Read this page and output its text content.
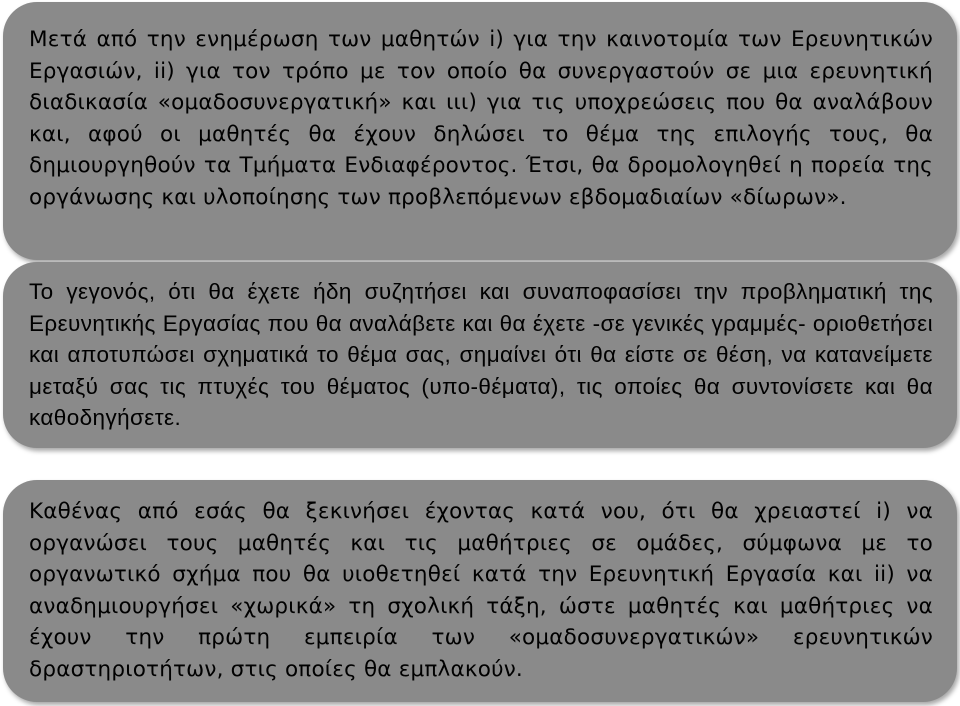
Μετά από την ενημέρωση των μαθητών i) για την καινοτομία των Ερευνητικών Εργασιών, ii) για τον τρόπο με τον οποίο θα συνεργαστούν σε μια ερευνητική διαδικασία «ομαδοσυνεργατική» και ιιι) για τις υποχρεώσεις που θα αναλάβουν και, αφού οι μαθητές θα έχουν δηλώσει το θέμα της επιλογής τους, θα δημιουργηθούν τα Τμήματα Ενδιαφέροντος. Έτσι, θα δρομολογηθεί η πορεία της οργάνωσης και υλοποίησης των προβλεπόμενων εβδομαδιαίων «δίωρων».

Το γεγονός, ότι θα έχετε ήδη συζητήσει και συναποφασίσει την προβληματική της Ερευνητικής Εργασίας που θα αναλάβετε και θα έχετε -σε γενικές γραμμές- οριοθετήσει και αποτυπώσει σχηματικά το θέμα σας, σημαίνει ότι θα είστε σε θέση, να κατανείμετε μεταξύ σας τις πτυχές του θέματος (υπο-θέματα), τις οποίες θα συντονίσετε και θα καθοδηγήσετε.

Καθένας από εσάς θα ξεκινήσει έχοντας κατά νου, ότι θα χρειαστεί i) να οργανώσει τους μαθητές και τις μαθήτριες σε ομάδες, σύμφωνα με το οργανωτικό σχήμα που θα υιοθετηθεί κατά την Ερευνητική Εργασία και ii) να αναδημιουργήσει «χωρικά» τη σχολική τάξη, ώστε μαθητές και μαθήτριες να έχουν την πρώτη εμπειρία των «ομαδοσυνεργατικών» ερευνητικών δραστηριοτήτων, στις οποίες θα εμπλακούν.
